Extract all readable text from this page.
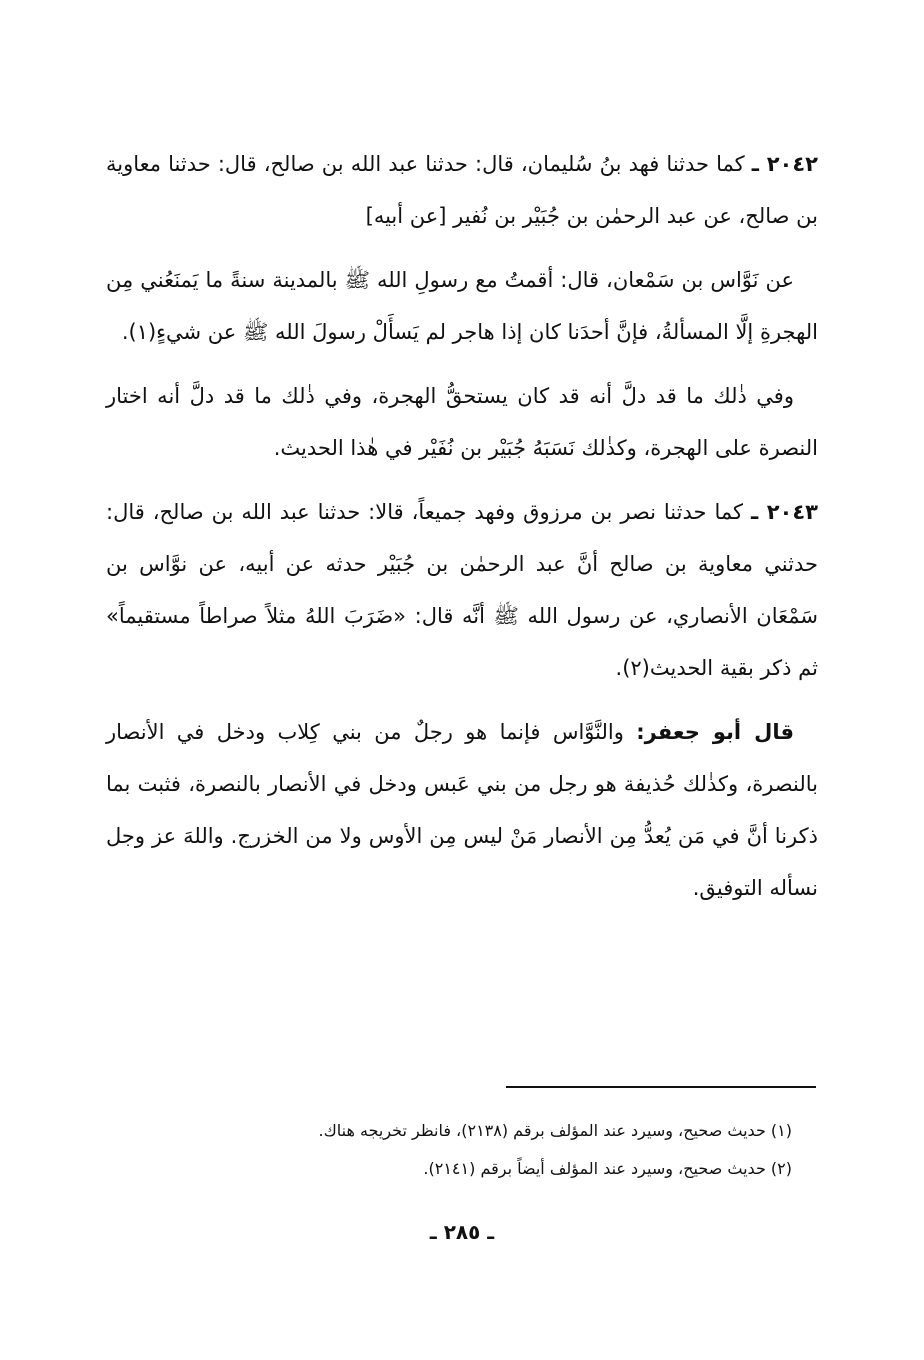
٢٠٤٢ ـ كما حدثنا فهد بنُ سُليمان، قال: حدثنا عبد الله بن صالح، قال: حدثنا معاوية بن صالح، عن عبد الرحمٰن بن جُبَيْر بن نُفير [عن أبيه]

عن نَوَّاس بن سَمْعان، قال: أقمتُ مع رسولِ الله ﷺ بالمدينة سنةً ما يَمنَعُني مِن الهجرةِ إلَّا المسألةُ، فإنَّ أحدَنا كان إذا هاجر لم يَسأَلْ رسولَ الله ﷺ عن شيءٍ(١).

وفي ذٰلك ما قد دلَّ أنه قد كان يستحقُّ الهجرة، وفي ذٰلك ما قد دلَّ أنه اختار النصرة على الهجرة، وكذٰلك نَسَبَهُ جُبَيْر بن نُفَيْر في هٰذا الحديث.

٢٠٤٣ ـ كما حدثنا نصر بن مرزوق وفهد جميعاً، قالا: حدثنا عبد الله بن صالح، قال: حدثني معاوية بن صالح أنَّ عبد الرحمٰن بن جُبَيْر حدثه عن أبيه، عن نوَّاس بن سَمْعَان الأنصاري، عن رسول الله ﷺ أنَّه قال: «ضَرَبَ اللهُ مثلاً صراطاً مستقيماً» ثم ذكر بقية الحديث(٢).

قال أبو جعفر: والنَّوَّاس فإنما هو رجلٌ من بني كِلاب ودخل في الأنصار بالنصرة، وكذٰلك حُذيفة هو رجل من بني عَبس ودخل في الأنصار بالنصرة، فثبت بما ذكرنا أنَّ في مَن يُعدُّ مِن الأنصار مَنْ ليس مِن الأوس ولا من الخزرج. واللهَ عز وجل نسأله التوفيق.

(١) حديث صحيح، وسيرد عند المؤلف برقم (٢١٣٨)، فانظر تخريجه هناك.

(٢) حديث صحيح، وسيرد عند المؤلف أيضاً برقم (٢١٤١).

ـ ٢٨٥ ـ
